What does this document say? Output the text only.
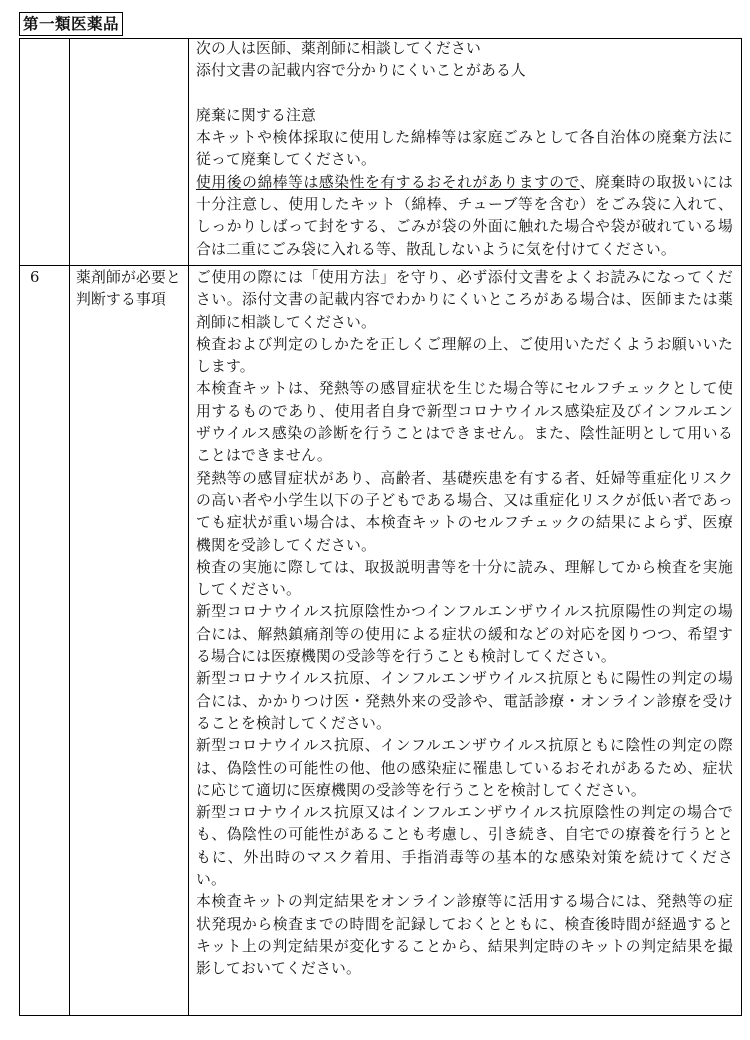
第一類医薬品

次の人は医師、薬剤師に相談してください

添付文書の記載内容で分かりにくいことがある人

廃棄に関する注意

本キットや検体採取に使用した綿棒等は家庭ごみとして各自治体の廃棄方法に従って廃棄してください。

使用後の綿棒等は感染性を有するおそれがありますので、廃棄時の取扱いには十分注意し、使用したキット（綿棒、チューブ等を含む）をごみ袋に入れて、しっかりしばって封をする、ごみが袋の外面に触れた場合や袋が破れている場合は二重にごみ袋に入れる等、散乱しないように気を付けてください。

6 薬剤師が必要と判断する事項

ご使用の際には「使用方法」を守り、必ず添付文書をよくお読みになってください。添付文書の記載内容でわかりにくいところがある場合は、医師または薬剤師に相談してください。

検査および判定のしかたを正しくご理解の上、ご使用いただくようお願いいたします。

本検査キットは、発熱等の感冒症状を生じた場合等にセルフチェックとして使用するものであり、使用者自身で新型コロナウイルス感染症及びインフルエンザウイルス感染の診断を行うことはできません。また、陰性証明として用いることはできません。

発熱等の感冒症状があり、高齢者、基礎疾患を有する者、妊婦等重症化リスクの高い者や小学生以下の子どもである場合、又は重症化リスクが低い者であっても症状が重い場合は、本検査キットのセルフチェックの結果によらず、医療機関を受診してください。

検査の実施に際しては、取扱説明書等を十分に読み、理解してから検査を実施してください。

新型コロナウイルス抗原陰性かつインフルエンザウイルス抗原陽性の判定の場合には、解熱鎮痛剤等の使用による症状の緩和などの対応を図りつつ、希望する場合には医療機関の受診等を行うことも検討してください。

新型コロナウイルス抗原、インフルエンザウイルス抗原ともに陽性の判定の場合には、かかりつけ医・発熱外来の受診や、電話診療・オンライン診療を受けることを検討してください。

新型コロナウイルス抗原、インフルエンザウイルス抗原ともに陰性の判定の際は、偽陰性の可能性の他、他の感染症に罹患しているおそれがあるため、症状に応じて適切に医療機関の受診等を行うことを検討してください。

新型コロナウイルス抗原又はインフルエンザウイルス抗原陰性の判定の場合でも、偽陰性の可能性があることも考慮し、引き続き、自宅での療養を行うとともに、外出時のマスク着用、手指消毒等の基本的な感染対策を続けてください。

本検査キットの判定結果をオンライン診療等に活用する場合には、発熱等の症状発現から検査までの時間を記録しておくとともに、検査後時間が経過するとキット上の判定結果が変化することから、結果判定時のキットの判定結果を撮影しておいてください。
